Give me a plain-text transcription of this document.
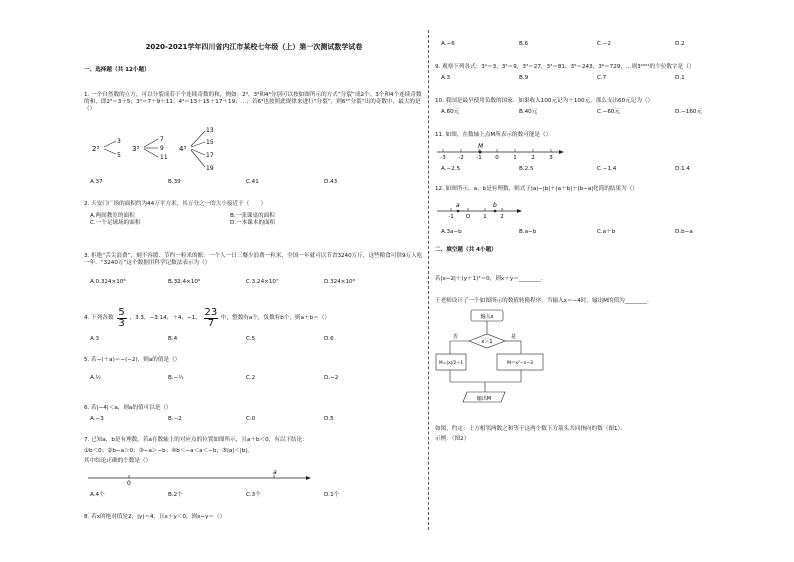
2020-2021学年四川省内江市某校七年级（上）第一次测试数学试卷
一、选择题（共 12小题）
1. 一个自然数的立方，可以分裂成若干个连续奇数的和，例如：2³，3³和4³分别可以按如图所示的方式“分裂”成2个、3个和4个连续奇数的和，即2³＝3＋5；3³＝7＋9＋11；4³＝13＋15＋17＋19；…；若6³也按照此规律来进行“分裂”，则6³“分裂”出的奇数中，最大的是（）
2³
3
5
3³
7
9
11
4³
13
15
17
19
A.37	B.39	C.41	D.43
2. 天安门广场的面积约为44万平方米，其万分之一的大小接近于（　　）
A.两间教室的面积	B.一张课桌的面积
C.一个足球场的面积	D.一本课本的面积
3. 拒绝“舌尖浪费”，刻不容缓．节约一粒米的账：一个人一日三餐少浪费一粒米，全国一年就可以节省3240万斤，这些粮食可供9万人吃一年．“3240万”这个数据用科学记数法表示为（）
A.0.324×10⁸	B.32.4×10⁶	C.3.24×10⁷	D.324×10⁸
4. 下列各数 5
3 ，3.3，−3.14，＋4，−1， 23
7 中，整数有a个，负数有b个，则a＋b＝（）
A.3	B.4	C.5	D.6
5. 若−(＋a)＝−(−2)，则a的值是（）
A.½	B.−½	C.2	D.−2
6. 若|−4|＜a，则a的值可以是（）
A.−3	B.−2	C.0	D.5
7. 已知a，b是有理数，若a在数轴上的对应点的位置如图所示，且a＋b＜0，有以下结论：
①b＜0；②b−a＞0；③−a＞−b；④b＜−a＜a＜−b；⑤|a|＜|b|，
其中结论正确的个数是（）
a
0
A.4个	B.2个	C.3个	D.1个
8. 若x的绝对值是2，|y|＝4，且x＋y＜0，则x−y＝（）
A.−6	B.6	C.−2	D.2
9. 观察下列各式：3¹＝3，3²＝9，3³＝27，3⁴＝81，3⁵＝243，3⁶＝729，…则3²⁰²¹的个位数字是（）
A.3	B.9	C.7	D.1
10. 我国是最早使用负数的国家．如果收入100元记为＋100元，那么支出60元记为（）
A.60元	B.40元	C.−60元	D.−160元
11. 如图，在数轴上点M所表示的数可能是（）
-3 -2 -1 0	1	2	3
M
A.−2.5	B.2.5	C.−1.4	D.1.4
12. 如图所示，a，b是有理数，则式子|a|−|b|＋|a＋b|＋|b−a|化简的结果为（）
-1 O 1 2
a	b
A.3a−b	B.a−b	C.a＋b	D.b−a
二、填空题（共 4小题）
若|x−2|＋(y＋1)²＝0，则x＋y＝________．
王老师设计了一个如图所示的数值转换程序，当输入x＝−4时，输出M的值为________．
输入x
x＞1
否	是
M＝|x|/2＋1	M＝x²−x−3
输出M
如图，约定：上方相邻两数之和等于这两个数下方箭头共同指向的数（图1）．
示例：（图2）
